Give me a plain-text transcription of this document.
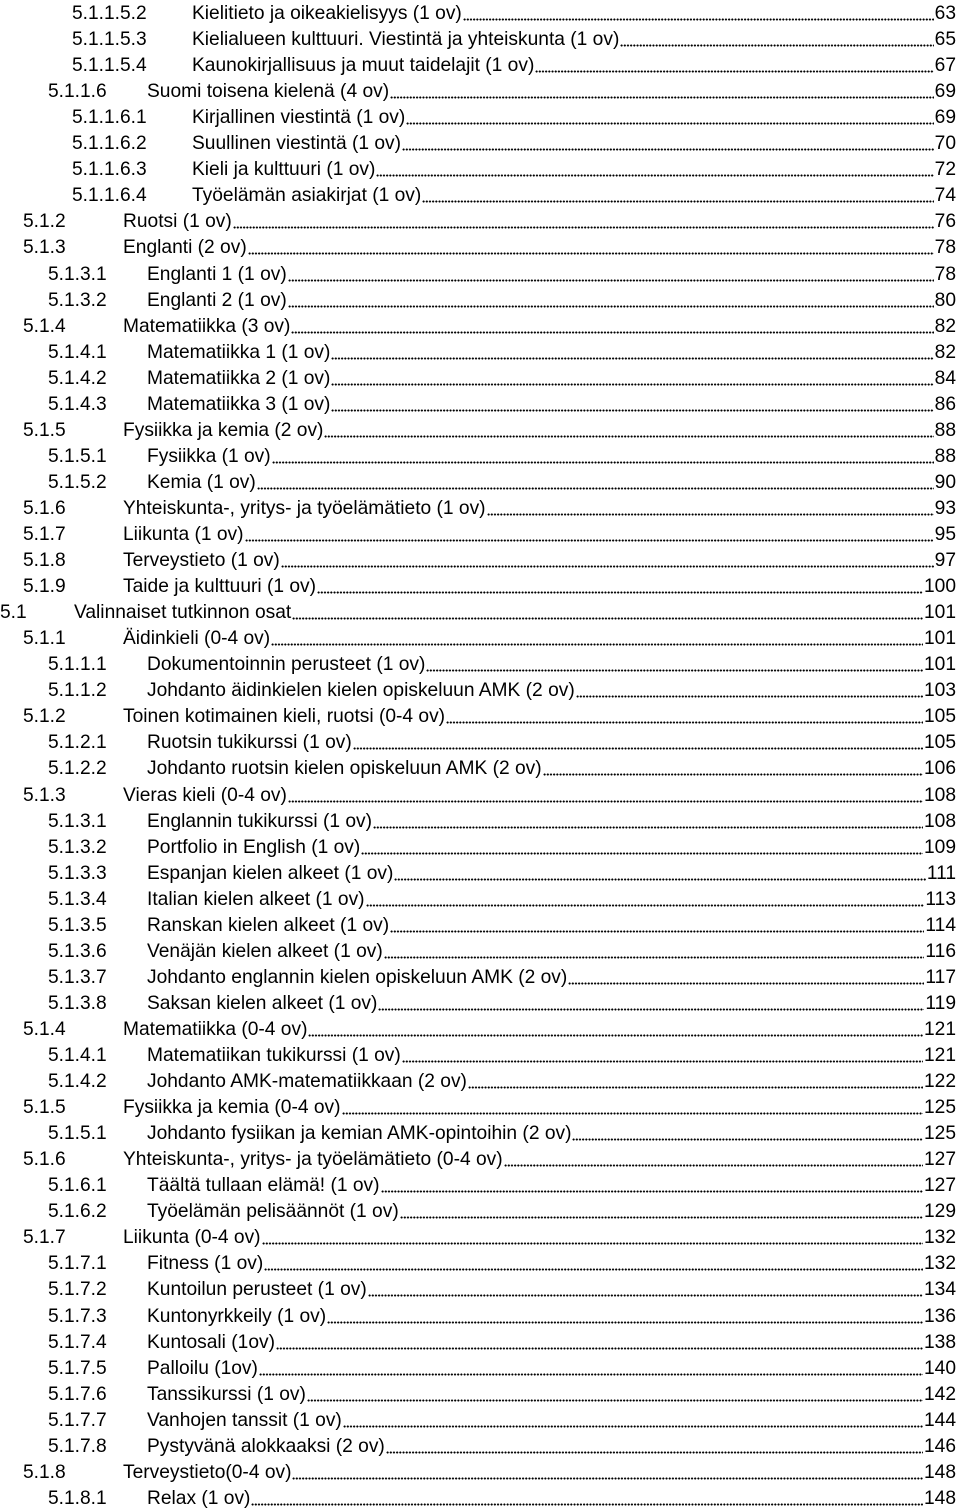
5.1.1.5.2 Kielitieto ja oikeakielisyys (1 ov)	63
5.1.1.5.3 Kielialueen kulttuuri. Viestintä ja yhteiskunta (1 ov)	65
5.1.1.5.4 Kaunokirjallisuus ja muut taidelajit (1 ov)	67
5.1.1.6 Suomi toisena kielenä (4 ov)	69
5.1.1.6.1 Kirjallinen viestintä (1 ov)	69
5.1.1.6.2 Suullinen viestintä (1 ov)	70
5.1.1.6.3 Kieli ja kulttuuri (1 ov)	72
5.1.1.6.4 Työelämän asiakirjat (1 ov)	74
5.1.2	Ruotsi (1 ov)	76
5.1.3	Englanti (2 ov)	78
5.1.3.1 Englanti 1 (1 ov)	78
5.1.3.2 Englanti 2 (1 ov)	80
5.1.4	Matematiikka (3 ov)	82
5.1.4.1 Matematiikka 1 (1 ov)	82
5.1.4.2 Matematiikka 2 (1 ov)	84
5.1.4.3 Matematiikka 3 (1 ov)	86
5.1.5	Fysiikka ja kemia (2 ov)	88
5.1.5.1 Fysiikka (1 ov)	88
5.1.5.2 Kemia (1 ov)	90
5.1.6	Yhteiskunta-, yritys- ja työelämätieto (1 ov)	93
5.1.7	Liikunta (1 ov)	95
5.1.8	Terveystieto (1 ov)	97
5.1.9	Taide ja kulttuuri (1 ov)	100
5.1 Valinnaiset tutkinnon osat	101
5.1.1	Äidinkieli (0-4 ov)	101
5.1.1.1 Dokumentoinnin perusteet (1 ov)	101
5.1.1.2 Johdanto äidinkielen kielen opiskeluun AMK (2 ov)	103
5.1.2	Toinen kotimainen kieli, ruotsi (0-4 ov)	105
5.1.2.1 Ruotsin tukikurssi (1 ov)	105
5.1.2.2 Johdanto ruotsin kielen opiskeluun AMK (2 ov)	106
5.1.3	Vieras kieli (0-4 ov)	108
5.1.3.1 Englannin tukikurssi (1 ov)	108
5.1.3.2 Portfolio in English (1 ov)	109
5.1.3.3 Espanjan kielen alkeet (1 ov)	111
5.1.3.4 Italian kielen alkeet (1 ov)	113
5.1.3.5 Ranskan kielen alkeet (1 ov)	114
5.1.3.6 Venäjän kielen alkeet (1 ov)	116
5.1.3.7 Johdanto englannin kielen opiskeluun AMK (2 ov)	117
5.1.3.8 Saksan kielen alkeet (1 ov)	119
5.1.4	Matematiikka (0-4 ov)	121
5.1.4.1 Matematiikan tukikurssi (1 ov)	121
5.1.4.2 Johdanto AMK-matematiikkaan (2 ov)	122
5.1.5	Fysiikka ja kemia (0-4 ov)	125
5.1.5.1 Johdanto fysiikan ja kemian AMK-opintoihin (2 ov)	125
5.1.6	Yhteiskunta-, yritys- ja työelämätieto (0-4 ov)	127
5.1.6.1 Täältä tullaan elämä! (1 ov)	127
5.1.6.2 Työelämän pelisäännöt (1 ov)	129
5.1.7	Liikunta (0-4 ov)	132
5.1.7.1 Fitness (1 ov)	132
5.1.7.2 Kuntoilun perusteet (1 ov)	134
5.1.7.3 Kuntonyrkkeily (1 ov)	136
5.1.7.4 Kuntosali (1ov)	138
5.1.7.5 Palloilu (1ov)	140
5.1.7.6 Tanssikurssi (1 ov)	142
5.1.7.7 Vanhojen tanssit (1 ov)	144
5.1.7.8 Pystyvänä alokkaaksi (2 ov)	146
5.1.8	Terveystieto(0-4 ov)	148
5.1.8.1 Relax (1 ov)	148
